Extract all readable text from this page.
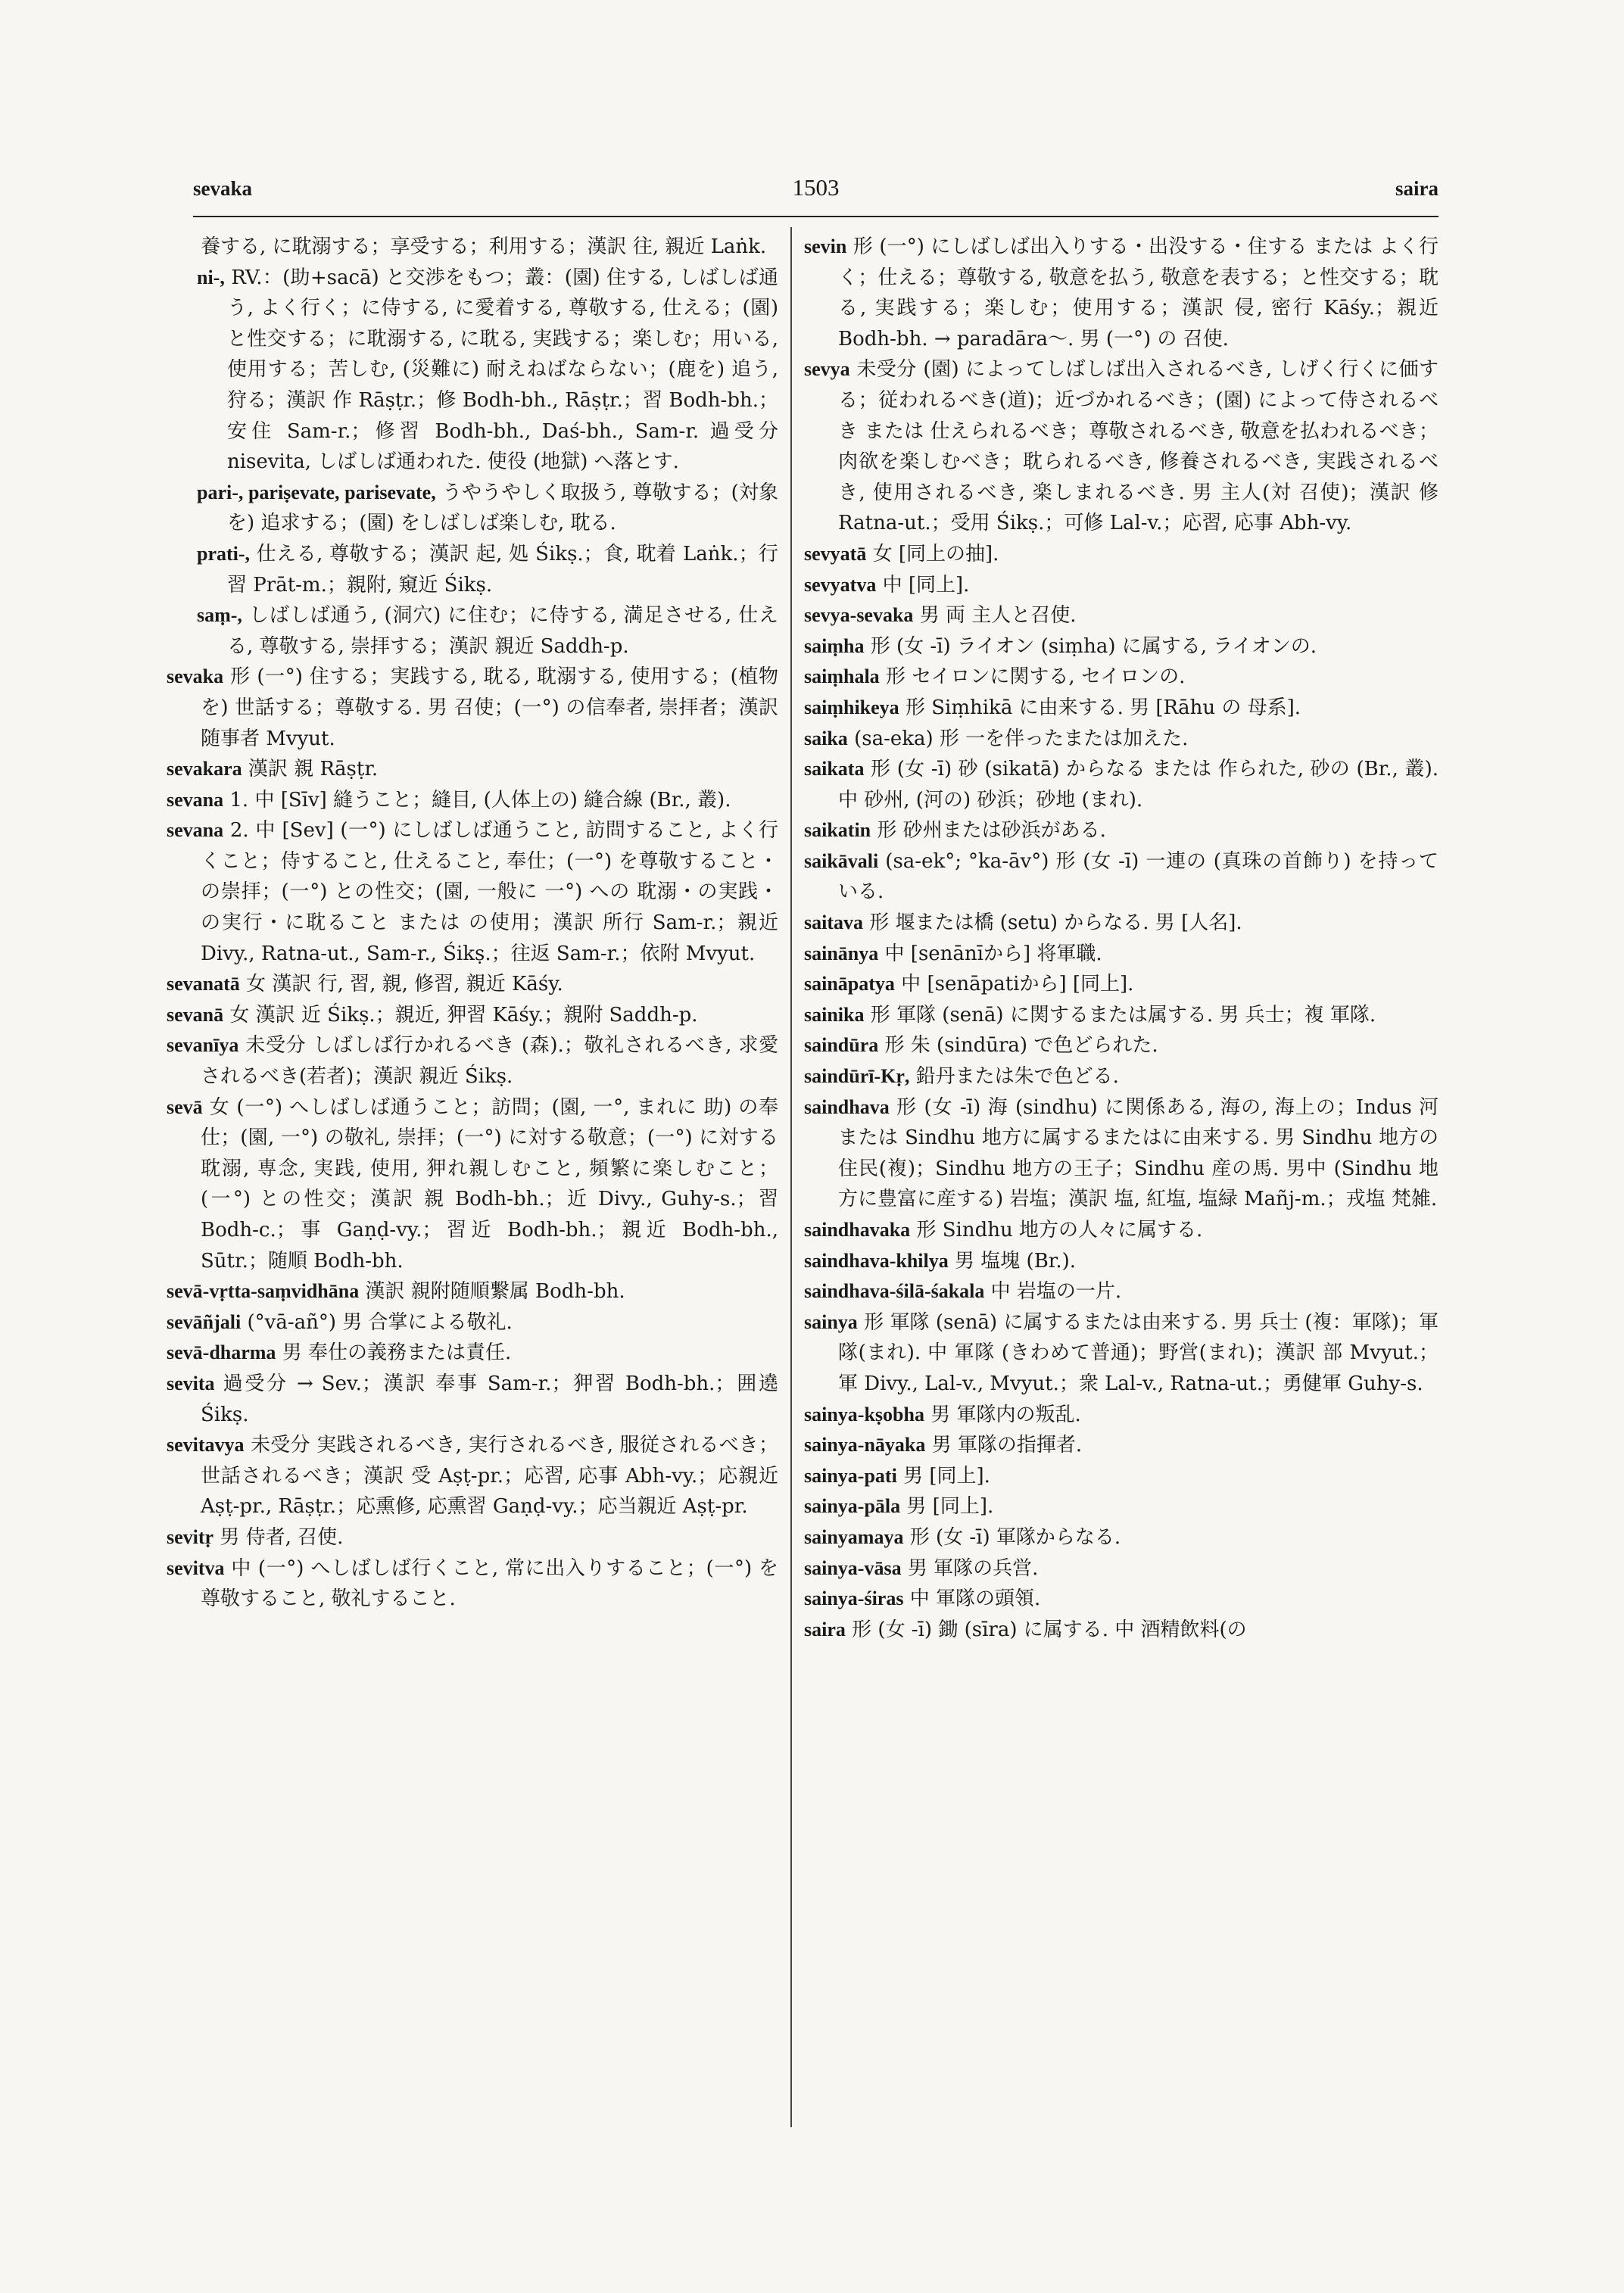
sevaka	1503	saira

養する, に耽溺する；享受する；利用する；漢訳 往, 親近 Laṅk.

ni-, RV.：(助+sacā) と交渉をもつ；叢：(園) 住する, しばしば通う, よく行く；に侍する, に愛着する, 尊敬する, 仕える；(園) と性交する；に耽溺する, に耽る, 実践する；楽しむ；用いる, 使用する；苦しむ, (災難に) 耐えねばならない；(鹿を) 追う, 狩る；漢訳 作 Rāṣṭr.；修 Bodh-bh., Rāṣṭr.；習 Bodh-bh.；安住 Sam-r.；修習 Bodh-bh., Daś-bh., Sam-r. 過受分 nisevita, しばしば通われた. 使役 (地獄) へ落とす.

pari-, pariṣevate, parisevate, うやうやしく取扱う, 尊敬する；(対象を) 追求する；(園) をしばしば楽しむ, 耽る.

prati-, 仕える, 尊敬する；漢訳 起, 処 Śikṣ.；食, 耽着 Laṅk.；行習 Prāt-m.；親附, 窺近 Śikṣ.

saṃ-, しばしば通う, (洞穴) に住む；に侍する, 満足させる, 仕える, 尊敬する, 崇拝する；漢訳 親近 Saddh-p.

sevaka 形 (一°) 住する；実践する, 耽る, 耽溺する, 使用する；(植物を) 世話する；尊敬する. 男 召使；(一°) の信奉者, 崇拝者；漢訳 随事者 Mvyut.

sevakara 漢訳 親 Rāṣṭr.

sevana 1. 中 [Sīv] 縫うこと；縫目, (人体上の) 縫合線 (Br., 叢).

sevana 2. 中 [Sev] (一°) にしばしば通うこと, 訪問すること, よく行くこと；侍すること, 仕えること, 奉仕；(一°) を尊敬すること・の崇拝；(一°) との性交；(園, 一般に 一°) への 耽溺・の実践・の実行・に耽ること または の使用；漢訳 所行 Sam-r.；親近 Divy., Ratna-ut., Sam-r., Śikṣ.；往返 Sam-r.；依附 Mvyut.

sevanatā 女 漢訳 行, 習, 親, 修習, 親近 Kāśy.

sevanā 女 漢訳 近 Śikṣ.；親近, 狎習 Kāśy.；親附 Saddh-p.

sevanīya 未受分 しばしば行かれるべき (森).；敬礼されるべき, 求愛されるべき(若者)；漢訳 親近 Śikṣ.

sevā 女 (一°) へしばしば通うこと；訪問；(園, 一°, まれに 助) の奉仕；(園, 一°) の敬礼, 崇拝；(一°) に対する敬意；(一°) に対する耽溺, 専念, 実践, 使用, 狎れ親しむこと, 頻繁に楽しむこと；(一°) との性交；漢訳 親 Bodh-bh.；近 Divy., Guhy-s.；習 Bodh-c.；事 Gaṇḍ-vy.；習近 Bodh-bh.；親近 Bodh-bh., Sūtr.；随順 Bodh-bh.

sevā-vṛtta-saṃvidhāna 漢訳 親附随順繋属 Bodh-bh.

sevāñjali (°vā-añ°) 男 合掌による敬礼.

sevā-dharma 男 奉仕の義務または責任.

sevita 過受分 → Sev.；漢訳 奉事 Sam-r.；狎習 Bodh-bh.；囲遶 Śikṣ.

sevitavya 未受分 実践されるべき, 実行されるべき, 服従されるべき；世話されるべき；漢訳 受 Aṣṭ-pr.；応習, 応事 Abh-vy.；応親近 Aṣṭ-pr., Rāṣṭr.；応熏修, 応熏習 Gaṇḍ-vy.；応当親近 Aṣṭ-pr.

sevitṛ 男 侍者, 召使.

sevitva 中 (一°) へしばしば行くこと, 常に出入りすること；(一°) を尊敬すること, 敬礼すること.

sevin 形 (一°) にしばしば出入りする・出没する・住する または よく行く；仕える；尊敬する, 敬意を払う, 敬意を表する；と性交する；耽る, 実践する；楽しむ；使用する；漢訳 侵, 密行 Kāśy.；親近 Bodh-bh. → paradāra〜. 男 (一°) の 召使.

sevya 未受分 (園) によってしばしば出入されるべき, しげく行くに価する；従われるべき(道)；近づかれるべき；(園) によって侍されるべき または 仕えられるべき；尊敬されるべき, 敬意を払われるべき；肉欲を楽しむべき；耽られるべき, 修養されるべき, 実践されるべき, 使用されるべき, 楽しまれるべき. 男 主人(対 召使)；漢訳 修 Ratna-ut.；受用 Śikṣ.；可修 Lal-v.；応習, 応事 Abh-vy.

sevyatā 女 [同上の抽].

sevyatva 中 [同上].

sevya-sevaka 男 両 主人と召使.

saiṃha 形 (女 -ī) ライオン (siṃha) に属する, ライオンの.

saiṃhala 形 セイロンに関する, セイロンの.

saiṃhikeya 形 Siṃhikā に由来する. 男 [Rāhu の 母系].

saika (sa-eka) 形 一を伴ったまたは加えた.

saikata 形 (女 -ī) 砂 (sikatā) からなる または 作られた, 砂の (Br., 叢). 中 砂州, (河の) 砂浜；砂地 (まれ).

saikatin 形 砂州または砂浜がある.

saikāvali (sa-ek°; °ka-āv°) 形 (女 -ī) 一連の (真珠の首飾り) を持っている.

saitava 形 堰または橋 (setu) からなる. 男 [人名].

sainānya 中 [senānīから] 将軍職.

saināpatya 中 [senāpatiから] [同上].

sainika 形 軍隊 (senā) に関するまたは属する. 男 兵士；複 軍隊.

saindūra 形 朱 (sindūra) で色どられた.

saindūrī-Kṛ, 鉛丹または朱で色どる.

saindhava 形 (女 -ī) 海 (sindhu) に関係ある, 海の, 海上の；Indus 河または Sindhu 地方に属するまたはに由来する. 男 Sindhu 地方の住民(複)；Sindhu 地方の王子；Sindhu 産の馬. 男中 (Sindhu 地方に豊富に産する) 岩塩；漢訳 塩, 紅塩, 塩緑 Mañj-m.；戎塩 梵雑.

saindhavaka 形 Sindhu 地方の人々に属する.

saindhava-khilya 男 塩塊 (Br.).

saindhava-śilā-śakala 中 岩塩の一片.

sainya 形 軍隊 (senā) に属するまたは由来する. 男 兵士 (複：軍隊)；軍隊(まれ). 中 軍隊 (きわめて普通)；野営(まれ)；漢訳 部 Mvyut.；軍 Divy., Lal-v., Mvyut.；衆 Lal-v., Ratna-ut.；勇健軍 Guhy-s.

sainya-kṣobha 男 軍隊内の叛乱.

sainya-nāyaka 男 軍隊の指揮者.

sainya-pati 男 [同上].

sainya-pāla 男 [同上].

sainyamaya 形 (女 -ī) 軍隊からなる.

sainya-vāsa 男 軍隊の兵営.

sainya-śiras 中 軍隊の頭領.

saira 形 (女 -ī) 鋤 (sīra) に属する. 中 酒精飲料(の
